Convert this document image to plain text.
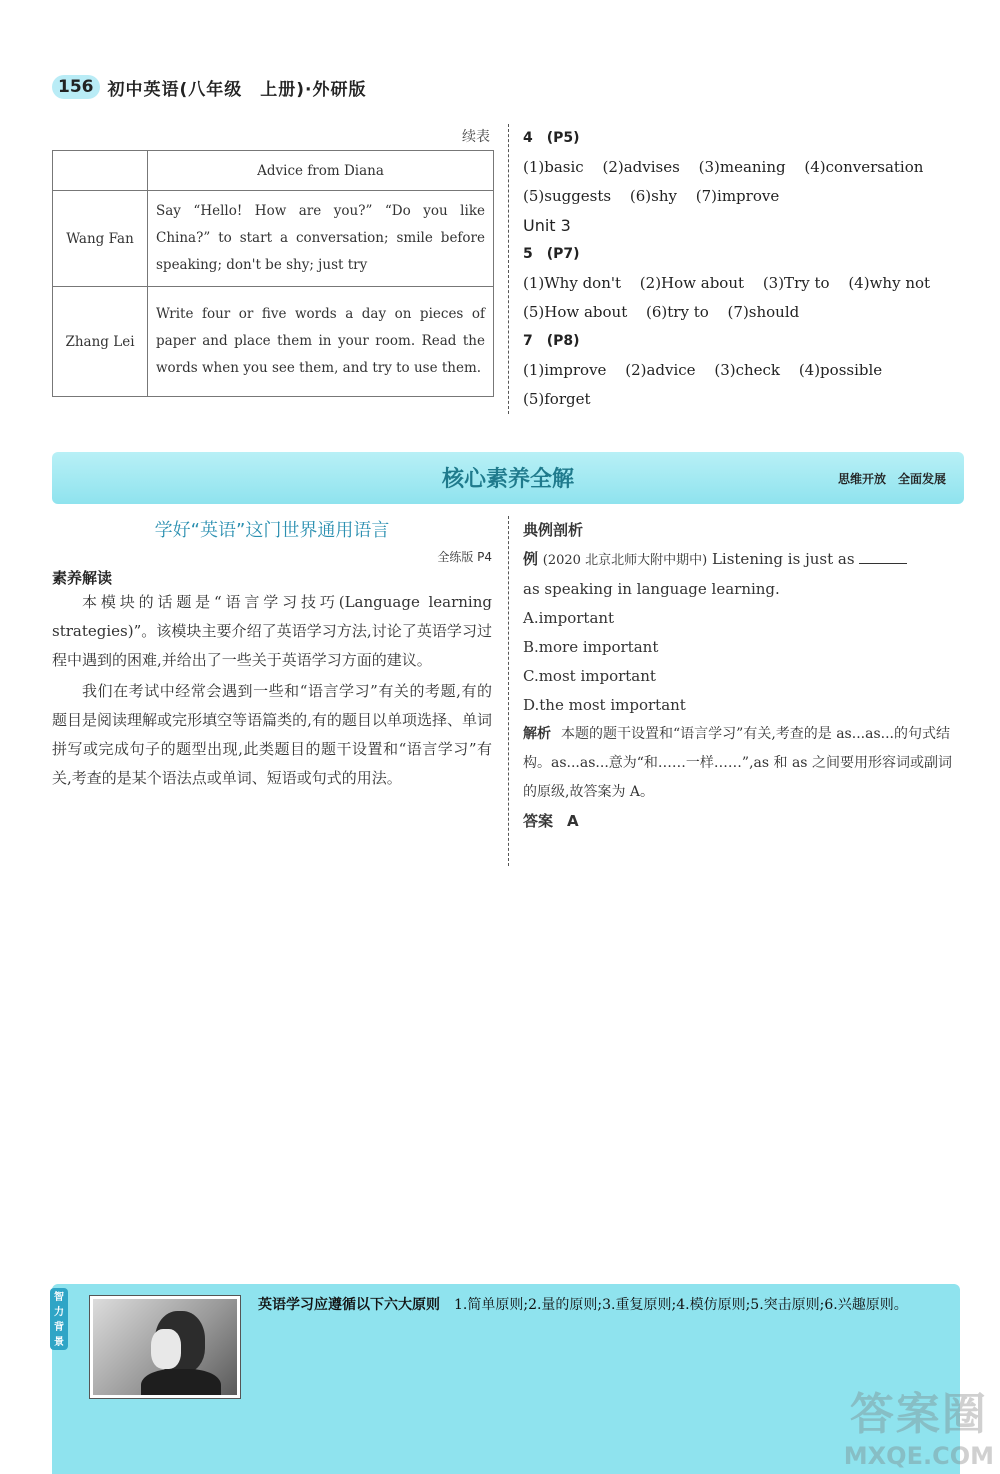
156 初中英语(八年级　上册)·外研版
续表
	Advice from Diana
Wang Fan	Say “Hello! How are you?” “Do you like China?” to start a conversation; smile before speaking; don't be shy; just try
Zhang Lei	Write four or five words a day on pieces of paper and place them in your room. Read the words when you see them, and try to use them.
4　(P5)
(1)basic (2)advises (3)meaning (4)conversation
(5)suggests (6)shy (7)improve
Unit 3
5　(P7)
(1)Why don't (2)How about (3)Try to (4)why not
(5)How about (6)try to (7)should
7　(P8)
(1)improve (2)advice (3)check (4)possible
(5)forget
核心素养全解	思维开放　全面发展
学好“英语”这门世界通用语言
全练版 P4
素养解读

本模块的话题是“语言学习技巧(Language learning strategies)”。该模块主要介绍了英语学习方法,讨论了英语学习过程中遇到的困难,并给出了一些关于英语学习方面的建议。

我们在考试中经常会遇到一些和“语言学习”有关的考题,有的题目是阅读理解或完形填空等语篇类的,有的题目以单项选择、单词拼写或完成句子的题型出现,此类题目的题干设置和“语言学习”有关,考查的是某个语法点或单词、短语或句式的用法。

典例剖析
例 (2020 北京北师大附中期中) Listening is just as
as speaking in language learning.
A.important
B.more important
C.most important
D.the most important
解析 本题的题干设置和“语言学习”有关,考查的是 as...as...的句式结构。as...as...意为“和……一样……”,as 和 as 之间要用形容词或副词的原级,故答案为 A。
答案 A
智力背景
英语学习应遵循以下六大原则 1.简单原则;2.量的原则;3.重复原则;4.模仿原则;5.突击原则;6.兴趣原则。
答案圈
MXQE.COM
